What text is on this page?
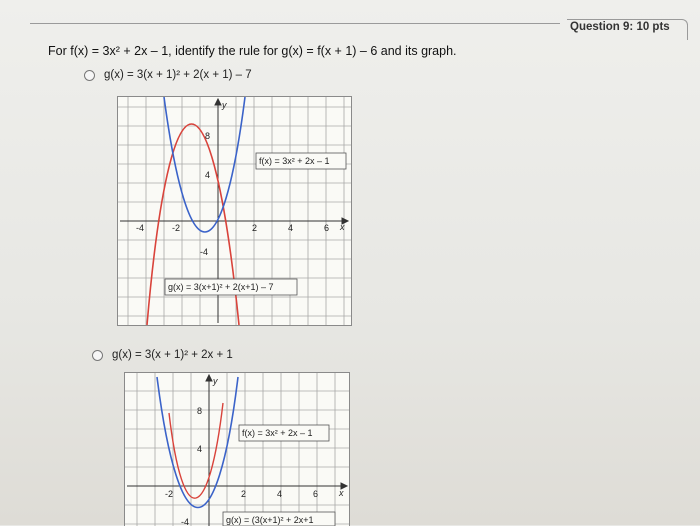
Question 9: 10 pts
For f(x) = 3x² + 2x – 1, identify the rule for g(x) = f(x + 1) – 6 and its graph.
g(x) = 3(x + 1)² + 2(x + 1) – 7
y
x
-4	-2	2	4	6
8
4
-4
f(x) = 3x² + 2x – 1
g(x) = 3(x+1)² + 2(x+1) – 7
g(x) = 3(x + 1)² + 2x + 1
y
x
-2	2	4	6
8
4
-4
f(x) = 3x² + 2x – 1
g(x) = (3(x+1)² + 2x+1
